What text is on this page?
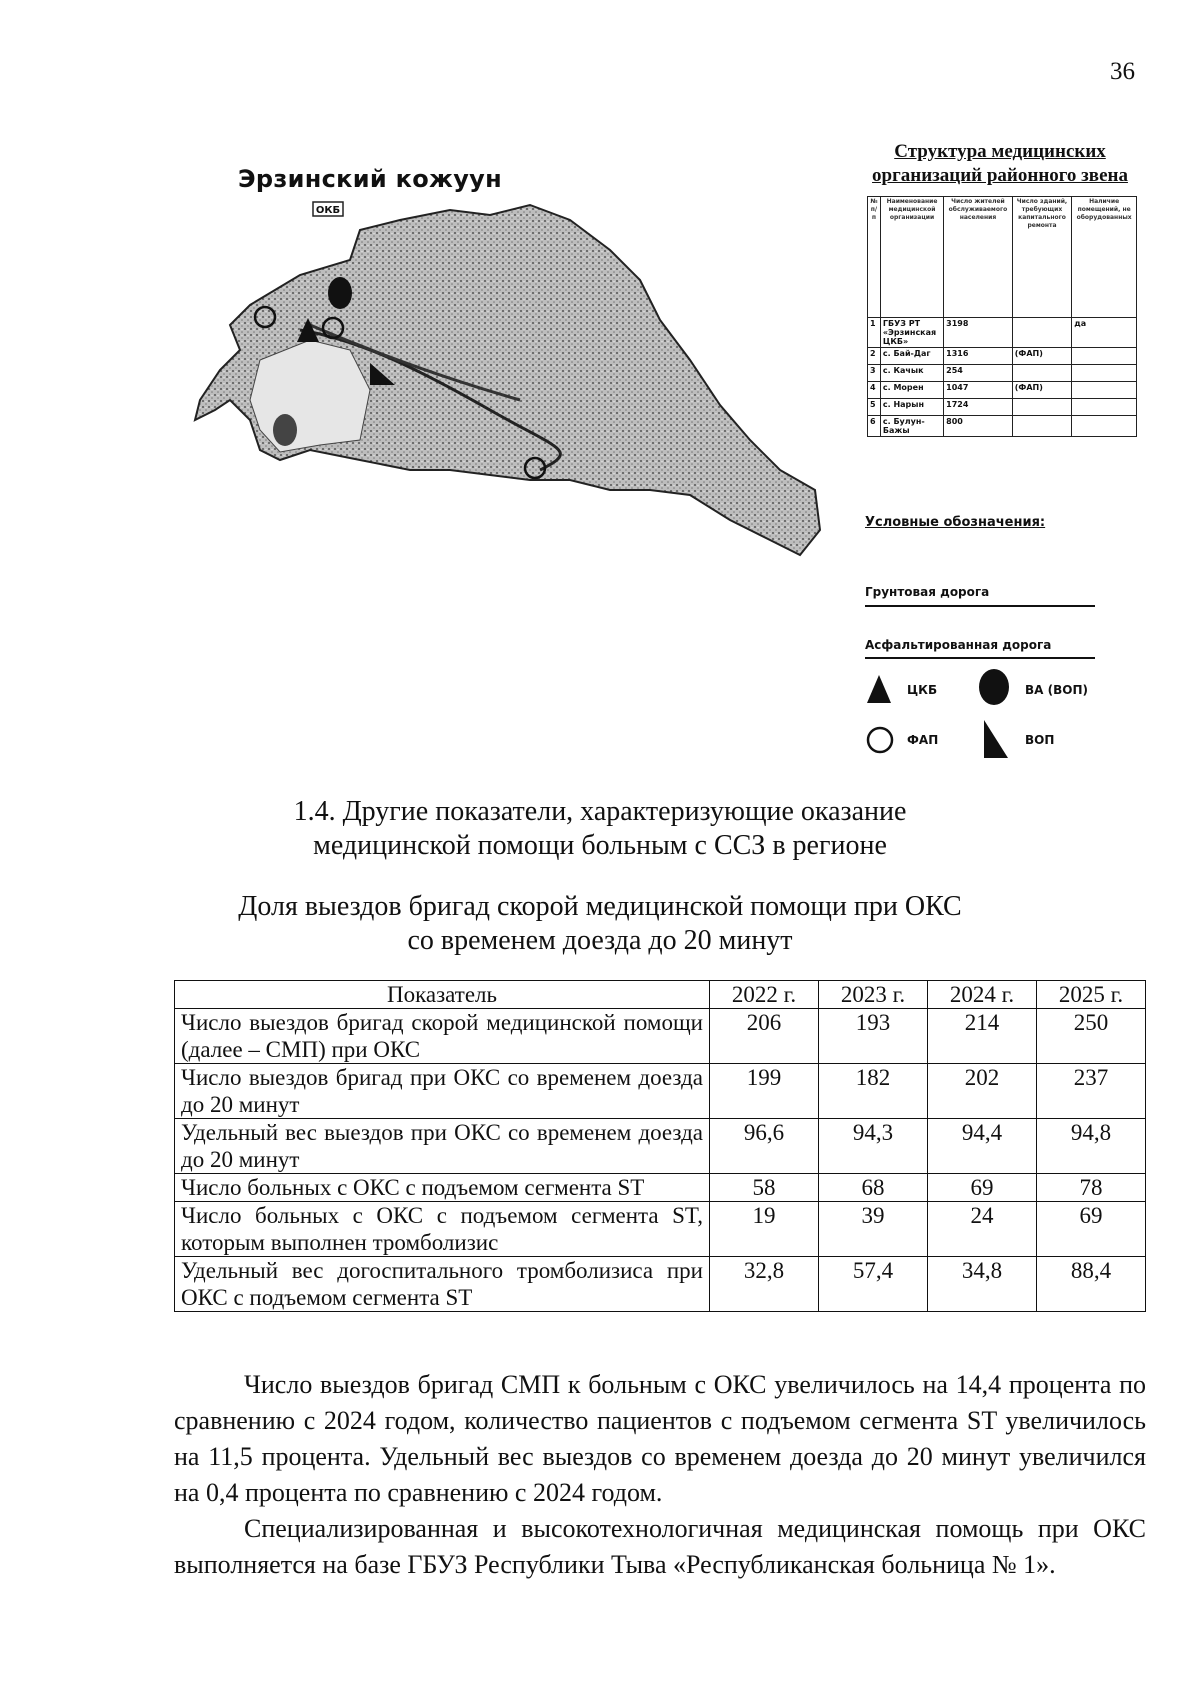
36
Эрзинский кожуун
ОКБ
Структура медицинских
организаций районного звена
№ п/п	Наименование медицинской организации	Число жителей обслуживаемого населения	Число зданий, требующих капитального ремонта	Наличие помещений, не оборудованных
1	ГБУЗ РТ «Эрзинская ЦКБ»	3198		да
2	с. Бай-Даг	1316	(ФАП)	
3	с. Качык	254		
4	с. Морен	1047	(ФАП)	
5	с. Нарын	1724		
6	с. Булун-Бажы	800		
Условные обозначения:
Грунтовая дорога
Асфальтированная дорога
ЦКБ	ВА (ВОП)
ФАП	ВОП
1.4. Другие показатели, характеризующие оказание
медицинской помощи больным с ССЗ в регионе
Доля выездов бригад скорой медицинской помощи при ОКС
со временем доезда до 20 минут
Показатель	2022 г.	2023 г.	2024 г.	2025 г.
Число выездов бригад скорой медицинской помощи (далее – СМП) при ОКС	206	193	214	250
Число выездов бригад при ОКС со временем доезда до 20 минут	199	182	202	237
Удельный вес выездов при ОКС со временем доезда до 20 минут	96,6	94,3	94,4	94,8
Число больных с ОКС с подъемом сегмента ST	58	68	69	78
Число больных с ОКС с подъемом сегмента ST, которым выполнен тромболизис	19	39	24	69
Удельный вес догоспитального тромболизиса при ОКС с подъемом сегмента ST	32,8	57,4	34,8	88,4

Число выездов бригад СМП к больным с ОКС увеличилось на 14,4 процента по сравнению с 2024 годом, количество пациентов с подъемом сегмента ST увеличилось на 11,5 процента. Удельный вес выездов со временем доезда до 20 минут увеличился на 0,4 процента по сравнению с 2024 годом.

Специализированная и высокотехнологичная медицинская помощь при ОКС выполняется на базе ГБУЗ Республики Тыва «Республиканская больница № 1».
